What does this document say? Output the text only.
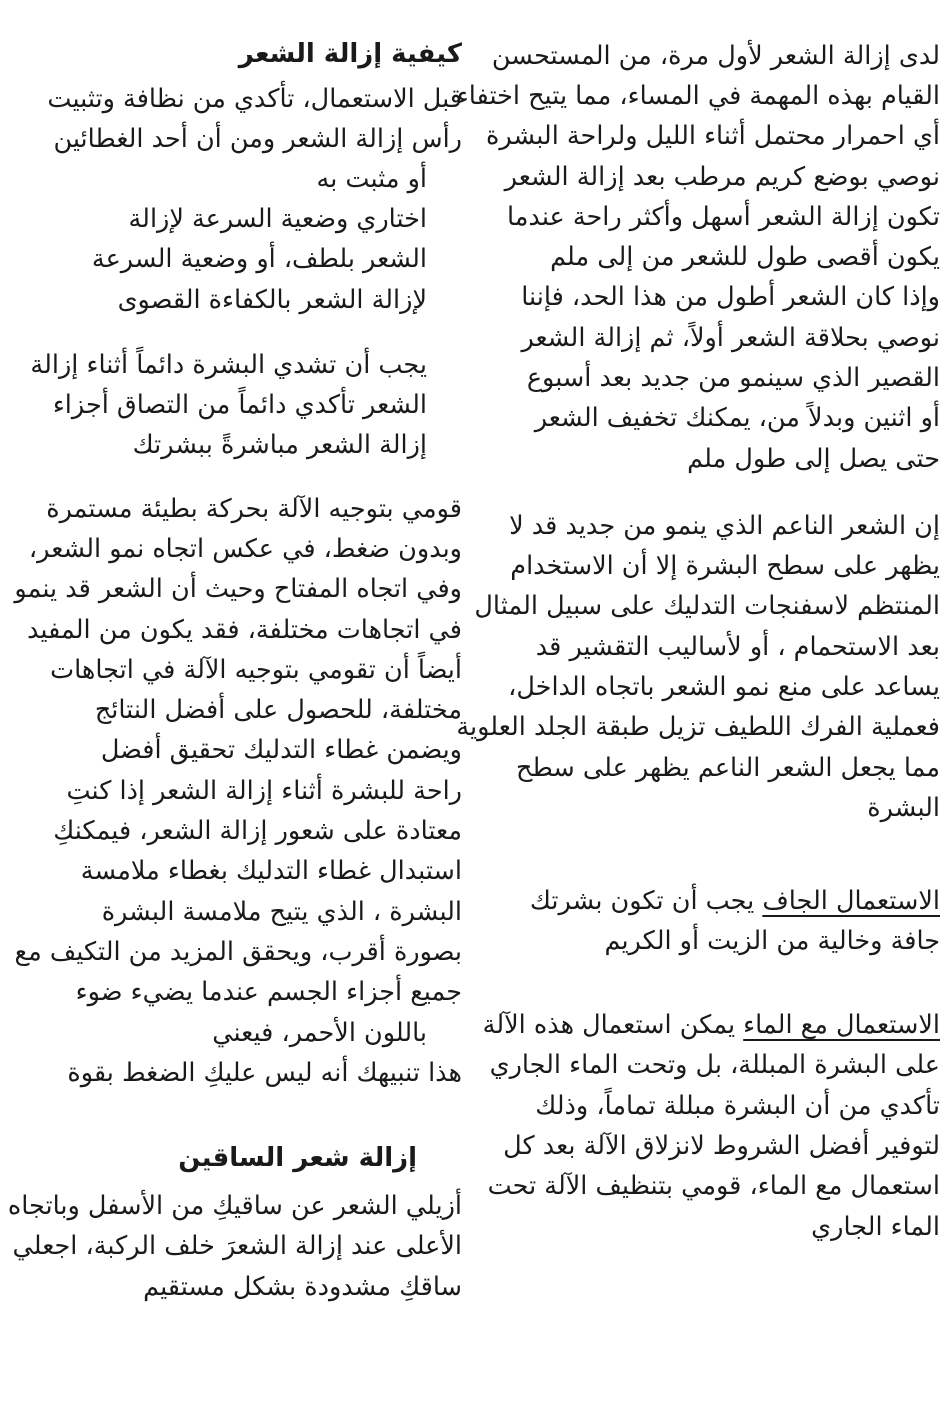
لدى إزالة الشعر لأول مرة، من المستحسن
القيام بهذه المهمة في المساء، مما يتيح اختفاء
أي احمرار محتمل أثناء الليل ولراحة البشرة
نوصي بوضع كريم مرطب بعد إزالة الشعر
تكون إزالة الشعر أسهل وأكثر راحة عندما
يكون أقصى طول للشعر من إلى ملم
وإذا كان الشعر أطول من هذا الحد، فإننا
نوصي بحلاقة الشعر أولاً، ثم إزالة الشعر
القصير الذي سينمو من جديد بعد أسبوع
أو اثنين وبدلاً من، يمكنك تخفيف الشعر
حتى يصل إلى طول ملم
إن الشعر الناعم الذي ينمو من جديد قد لا
يظهر على سطح البشرة إلا أن الاستخدام
المنتظم لاسفنجات التدليك على سبيل المثال
بعد الاستحمام ، أو لأساليب التقشير قد
يساعد على منع نمو الشعر باتجاه الداخل،
فعملية الفرك اللطيف تزيل طبقة الجلد العلوية
مما يجعل الشعر الناعم يظهر على سطح
البشرة
الاستعمال الجاف يجب أن تكون بشرتك
جافة وخالية من الزيت أو الكريم
الاستعمال مع الماء يمكن استعمال هذه الآلة
على البشرة المبللة، بل وتحت الماء الجاري
تأكدي من أن البشرة مبللة تماماً، وذلك
لتوفير أفضل الشروط لانزلاق الآلة بعد كل
استعمال مع الماء، قومي بتنظيف الآلة تحت
الماء الجاري
كيفية إزالة الشعر
قبل الاستعمال، تأكدي من نظافة وتثبيت
رأس إزالة الشعر ومن أن أحد الغطائين
أو مثبت به
اختاري وضعية السرعة لإزالة
الشعر بلطف، أو وضعية السرعة
لإزالة الشعر بالكفاءة القصوى
يجب أن تشدي البشرة دائماً أثناء إزالة
الشعر تأكدي دائماً من التصاق أجزاء
إزالة الشعر مباشرةً ببشرتك
قومي بتوجيه الآلة بحركة بطيئة مستمرة
وبدون ضغط، في عكس اتجاه نمو الشعر،
وفي اتجاه المفتاح وحيث أن الشعر قد ينمو
في اتجاهات مختلفة، فقد يكون من المفيد
أيضاً أن تقومي بتوجيه الآلة في اتجاهات
مختلفة، للحصول على أفضل النتائج
ويضمن غطاء التدليك تحقيق أفضل
راحة للبشرة أثناء إزالة الشعر إذا كنتِ
معتادة على شعور إزالة الشعر، فيمكنكِ
استبدال غطاء التدليك بغطاء ملامسة
البشرة ، الذي يتيح ملامسة البشرة
بصورة أقرب، ويحقق المزيد من التكيف مع
جميع أجزاء الجسم عندما يضيء ضوء
باللون الأحمر، فيعني
هذا تنبيهك أنه ليس عليكِ الضغط بقوة
إزالة شعر الساقين
أزيلي الشعر عن ساقيكِ من الأسفل وباتجاه
الأعلى عند إزالة الشعرَ خلف الركبة، اجعلي
ساقكِ مشدودة بشكل مستقيم
